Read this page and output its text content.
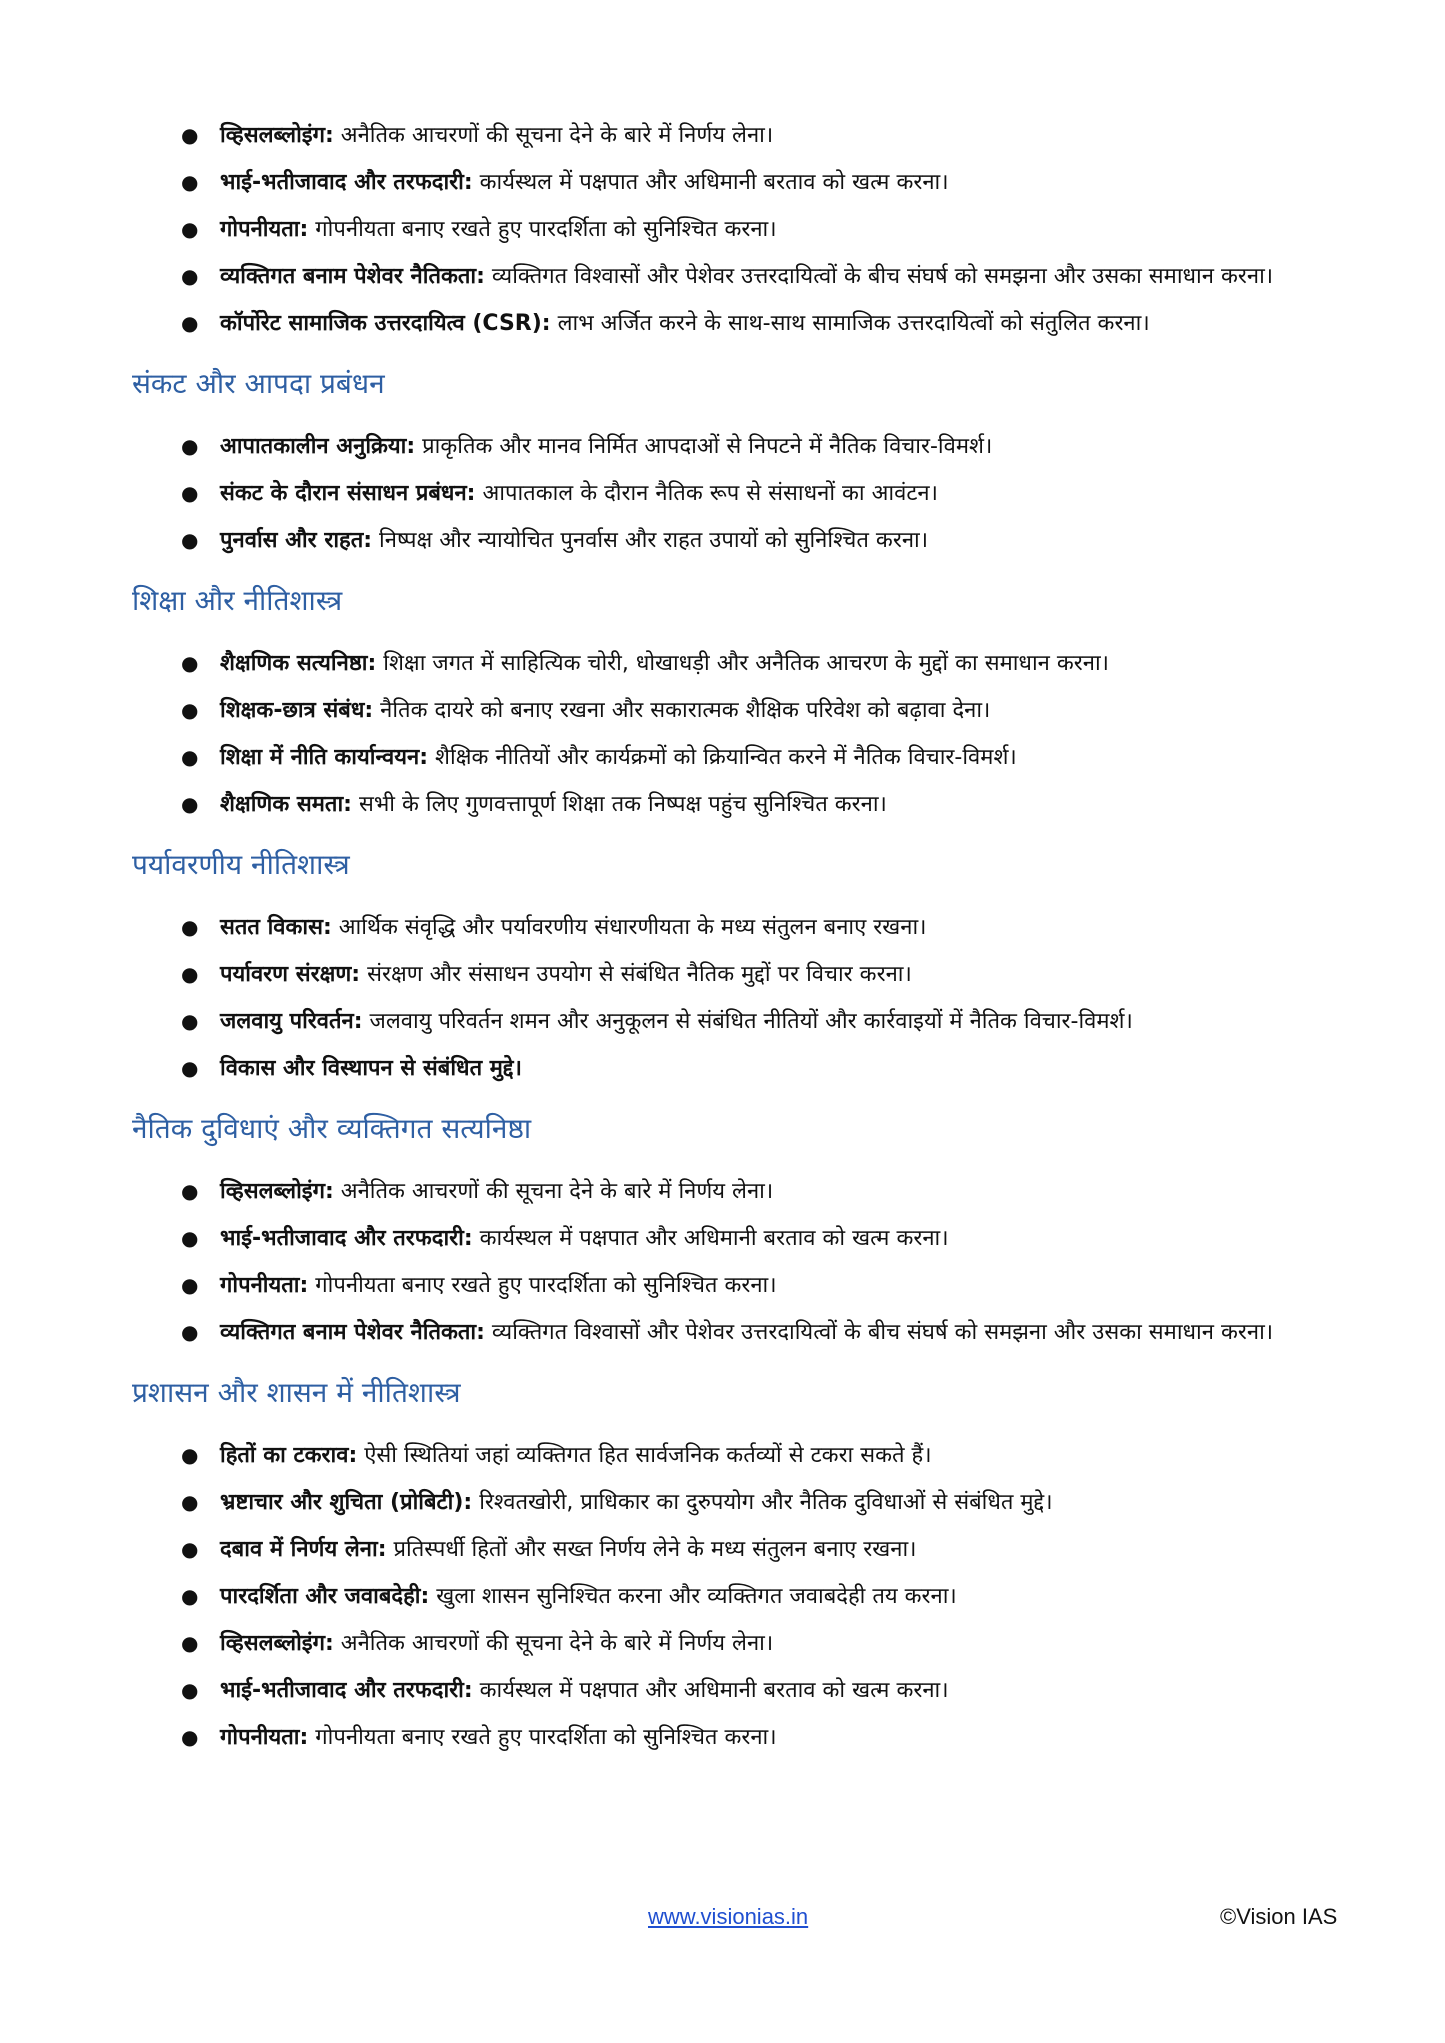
● व्हिसलब्लोइंग: अनैतिक आचरणों की सूचना देने के बारे में निर्णय लेना।
● भाई-भतीजावाद और तरफदारी: कार्यस्थल में पक्षपात और अधिमानी बरताव को खत्म करना।
● गोपनीयता: गोपनीयता बनाए रखते हुए पारदर्शिता को सुनिश्चित करना।
● व्यक्तिगत बनाम पेशेवर नैतिकता: व्यक्तिगत विश्वासों और पेशेवर उत्तरदायित्वों के बीच संघर्ष को समझना और उसका समाधान करना।
● कॉर्पोरेट सामाजिक उत्तरदायित्व (CSR): लाभ अर्जित करने के साथ-साथ सामाजिक उत्तरदायित्वों को संतुलित करना।
संकट और आपदा प्रबंधन
● आपातकालीन अनुक्रिया: प्राकृतिक और मानव निर्मित आपदाओं से निपटने में नैतिक विचार-विमर्श।
● संकट के दौरान संसाधन प्रबंधन: आपातकाल के दौरान नैतिक रूप से संसाधनों का आवंटन।
● पुनर्वास और राहत: निष्पक्ष और न्यायोचित पुनर्वास और राहत उपायों को सुनिश्चित करना।
शिक्षा और नीतिशास्त्र
● शैक्षणिक सत्यनिष्ठा: शिक्षा जगत में साहित्यिक चोरी, धोखाधड़ी और अनैतिक आचरण के मुद्दों का समाधान करना।
● शिक्षक-छात्र संबंध: नैतिक दायरे को बनाए रखना और सकारात्मक शैक्षिक परिवेश को बढ़ावा देना।
● शिक्षा में नीति कार्यान्वयन: शैक्षिक नीतियों और कार्यक्रमों को क्रियान्वित करने में नैतिक विचार-विमर्श।
● शैक्षणिक समता: सभी के लिए गुणवत्तापूर्ण शिक्षा तक निष्पक्ष पहुंच सुनिश्चित करना।
पर्यावरणीय नीतिशास्त्र
● सतत विकास: आर्थिक संवृद्धि और पर्यावरणीय संधारणीयता के मध्य संतुलन बनाए रखना।
● पर्यावरण संरक्षण: संरक्षण और संसाधन उपयोग से संबंधित नैतिक मुद्दों पर विचार करना।
● जलवायु परिवर्तन: जलवायु परिवर्तन शमन और अनुकूलन से संबंधित नीतियों और कार्रवाइयों में नैतिक विचार-विमर्श।
● विकास और विस्थापन से संबंधित मुद्दे।
नैतिक दुविधाएं और व्यक्तिगत सत्यनिष्ठा
● व्हिसलब्लोइंग: अनैतिक आचरणों की सूचना देने के बारे में निर्णय लेना।
● भाई-भतीजावाद और तरफदारी: कार्यस्थल में पक्षपात और अधिमानी बरताव को खत्म करना।
● गोपनीयता: गोपनीयता बनाए रखते हुए पारदर्शिता को सुनिश्चित करना।
● व्यक्तिगत बनाम पेशेवर नैतिकता: व्यक्तिगत विश्वासों और पेशेवर उत्तरदायित्वों के बीच संघर्ष को समझना और उसका समाधान करना।
प्रशासन और शासन में नीतिशास्त्र
● हितों का टकराव: ऐसी स्थितियां जहां व्यक्तिगत हित सार्वजनिक कर्तव्यों से टकरा सकते हैं।
● भ्रष्टाचार और शुचिता (प्रोबिटी): रिश्वतखोरी, प्राधिकार का दुरुपयोग और नैतिक दुविधाओं से संबंधित मुद्दे।
● दबाव में निर्णय लेना: प्रतिस्पर्धी हितों और सख्त निर्णय लेने के मध्य संतुलन बनाए रखना।
● पारदर्शिता और जवाबदेही: खुला शासन सुनिश्चित करना और व्यक्तिगत जवाबदेही तय करना।
● व्हिसलब्लोइंग: अनैतिक आचरणों की सूचना देने के बारे में निर्णय लेना।
● भाई-भतीजावाद और तरफदारी: कार्यस्थल में पक्षपात और अधिमानी बरताव को खत्म करना।
● गोपनीयता: गोपनीयता बनाए रखते हुए पारदर्शिता को सुनिश्चित करना।
www.visionias.in	©Vision IAS
